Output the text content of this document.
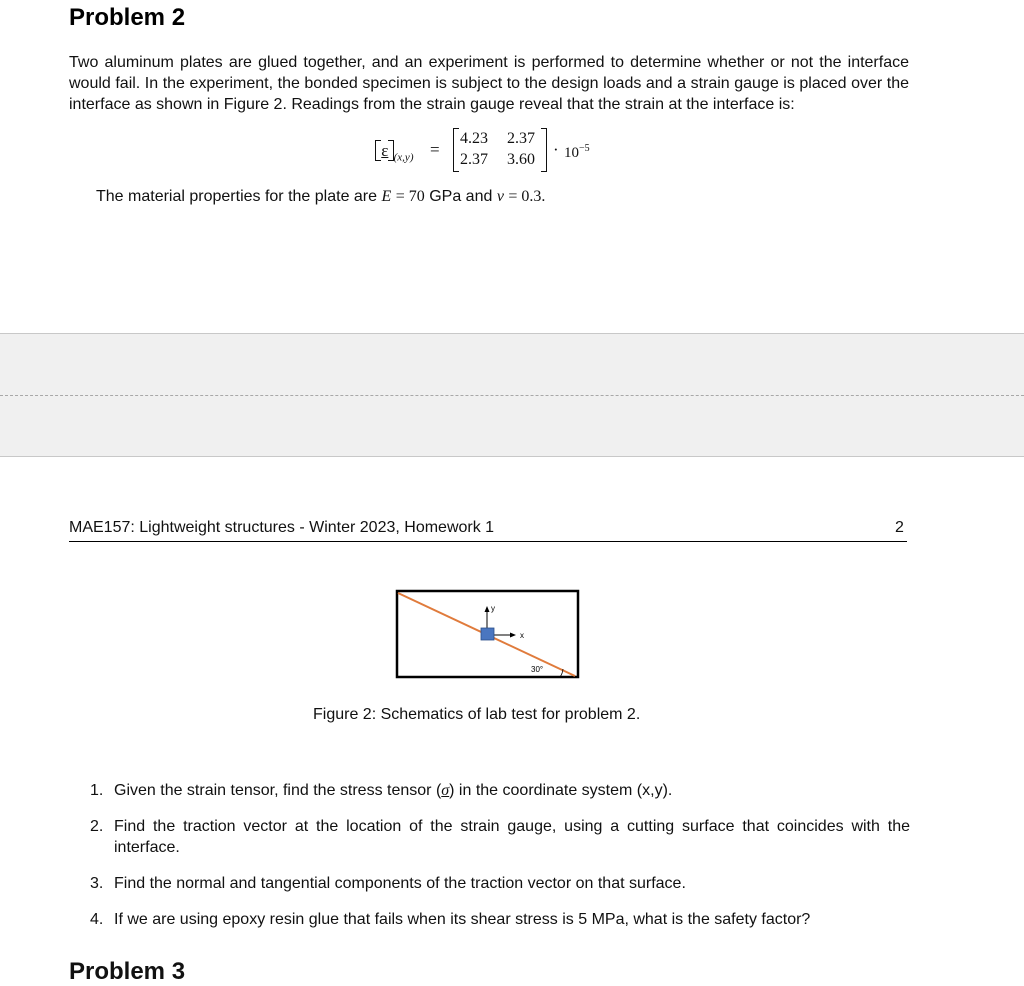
Problem 2
Two aluminum plates are glued together, and an experiment is performed to determine whether or not the interface would fail. In the experiment, the bonded specimen is subject to the design loads and a strain gauge is placed over the interface as shown in Figure 2. Readings from the strain gauge reveal that the strain at the interface is:
ε $_{(x,y)}$ =
4.23 2.37
2.37 3.60
· $10^{-5}$
The material properties for the plate are E = 70 GPa and ν = 0.3.
MAE157: Lightweight structures - Winter 2023, Homework 1	2
y
x
30°
Figure 2: Schematics of lab test for problem 2.
1. Given the strain tensor, find the stress tensor (σ) in the coordinate system (x,y).
2. Find the traction vector at the location of the strain gauge, using a cutting surface that coincides with the interface.
3. Find the normal and tangential components of the traction vector on that surface.
4. If we are using epoxy resin glue that fails when its shear stress is 5 MPa, what is the safety factor?
Problem 3
